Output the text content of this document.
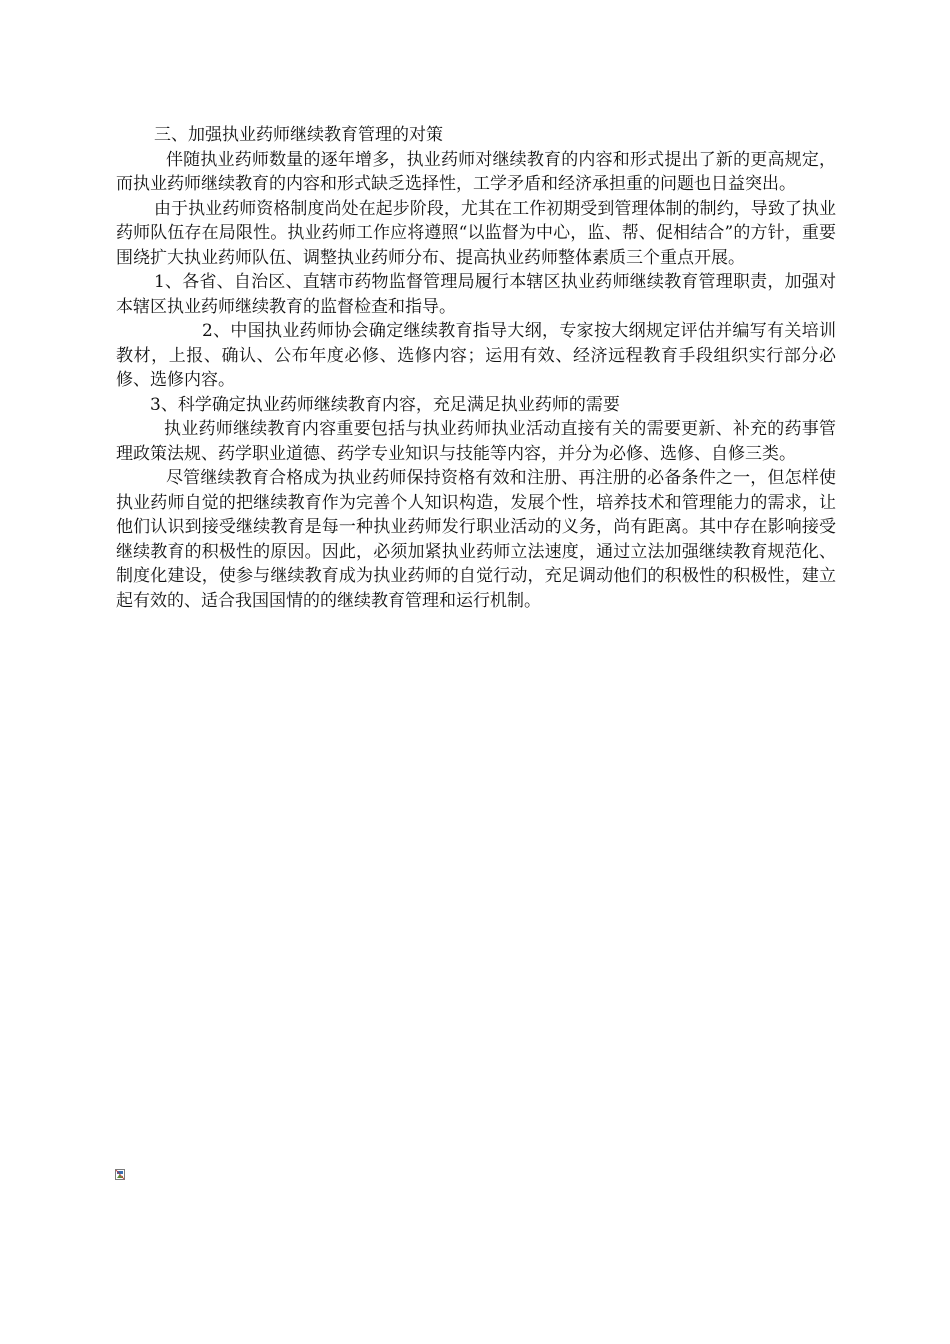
三、加强执业药师继续教育管理的对策

伴随执业药师数量的逐年增多，执业药师对继续教育的内容和形式提出了新的更高规定，而执业药师继续教育的内容和形式缺乏选择性，工学矛盾和经济承担重的问题也日益突出。

由于执业药师资格制度尚处在起步阶段，尤其在工作初期受到管理体制的制约，导致了执业药师队伍存在局限性。执业药师工作应将遵照“以监督为中心，监、帮、促相结合”的方针，重要围绕扩大执业药师队伍、调整执业药师分布、提高执业药师整体素质三个重点开展。

1、各省、自治区、直辖市药物监督管理局履行本辖区执业药师继续教育管理职责，加强对本辖区执业药师继续教育的监督检查和指导。

2、中国执业药师协会确定继续教育指导大纲，专家按大纲规定评估并编写有关培训教材，上报、确认、公布年度必修、选修内容；运用有效、经济远程教育手段组织实行部分必修、选修内容。

3、科学确定执业药师继续教育内容，充足满足执业药师的需要

执业药师继续教育内容重要包括与执业药师执业活动直接有关的需要更新、补充的药事管理政策法规、药学职业道德、药学专业知识与技能等内容，并分为必修、选修、自修三类。

尽管继续教育合格成为执业药师保持资格有效和注册、再注册的必备条件之一，但怎样使执业药师自觉的把继续教育作为完善个人知识构造，发展个性，培养技术和管理能力的需求，让他们认识到接受继续教育是每一种执业药师发行职业活动的义务，尚有距离。其中存在影响接受继续教育的积极性的原因。因此，必须加紧执业药师立法速度，通过立法加强继续教育规范化、制度化建设，使参与继续教育成为执业药师的自觉行动，充足调动他们的积极性的积极性，建立起有效的、适合我国国情的的继续教育管理和运行机制。
